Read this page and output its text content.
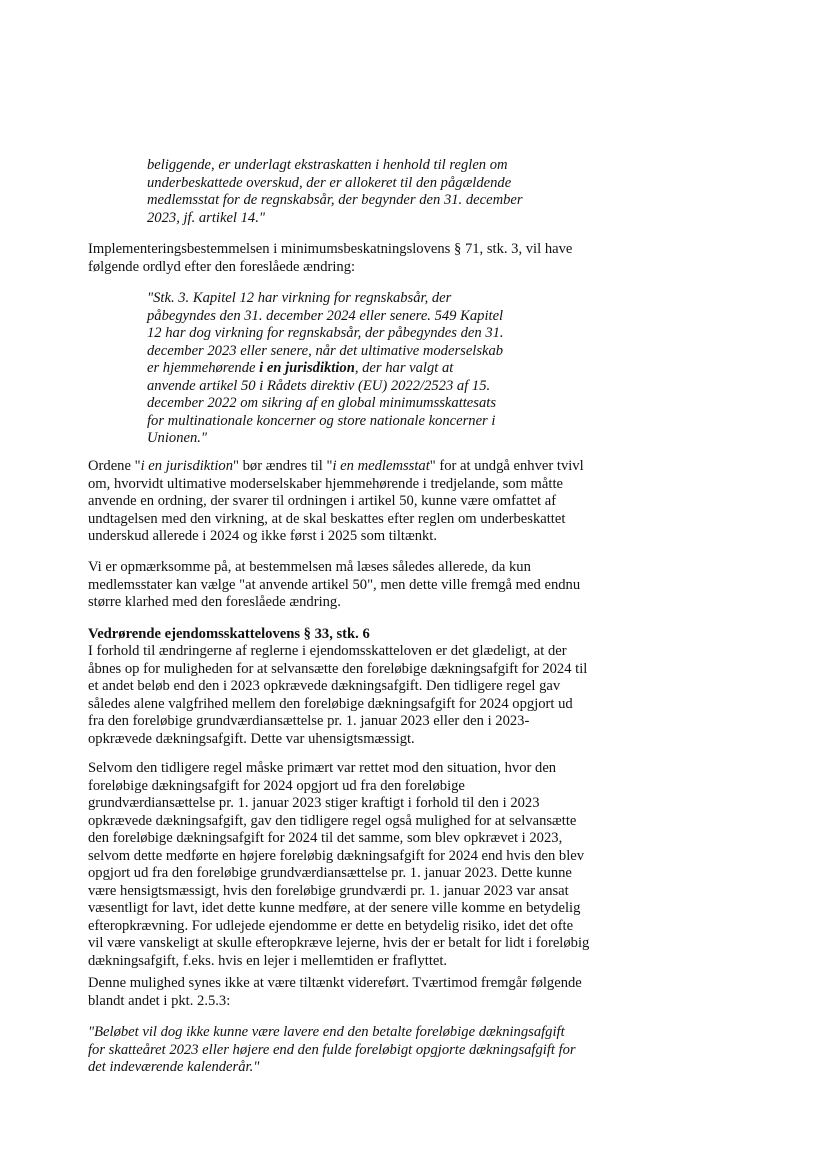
beliggende, er underlagt ekstraskatten i henhold til reglen om
underbeskattede overskud, der er allokeret til den pågældende
medlemsstat for de regnskabsår, der begynder den 31. december
2023, jf. artikel 14."
Implementeringsbestemmelsen i minimumsbeskatningslovens § 71, stk. 3, vil have
følgende ordlyd efter den foreslåede ændring:
"Stk. 3. Kapitel 12 har virkning for regnskabsår, der
påbegyndes den 31. december 2024 eller senere. 549 Kapitel
12 har dog virkning for regnskabsår, der påbegyndes den 31.
december 2023 eller senere, når det ultimative moderselskab
er hjemmehørende i en jurisdiktion, der har valgt at
anvende artikel 50 i Rådets direktiv (EU) 2022/2523 af 15.
december 2022 om sikring af en global minimumsskattesats
for multinationale koncerner og store nationale koncerner i
Unionen."
Ordene "i en jurisdiktion" bør ændres til "i en medlemsstat" for at undgå enhver tvivl
om, hvorvidt ultimative moderselskaber hjemmehørende i tredjelande, som måtte
anvende en ordning, der svarer til ordningen i artikel 50, kunne være omfattet af
undtagelsen med den virkning, at de skal beskattes efter reglen om underbeskattet
underskud allerede i 2024 og ikke først i 2025 som tiltænkt.
Vi er opmærksomme på, at bestemmelsen må læses således allerede, da kun
medlemsstater kan vælge "at anvende artikel 50", men dette ville fremgå med endnu
større klarhed med den foreslåede ændring.
Vedrørende ejendomsskattelovens § 33, stk. 6
I forhold til ændringerne af reglerne i ejendomsskatteloven er det glædeligt, at der
åbnes op for muligheden for at selvansætte den foreløbige dækningsafgift for 2024 til
et andet beløb end den i 2023 opkrævede dækningsafgift. Den tidligere regel gav
således alene valgfrihed mellem den foreløbige dækningsafgift for 2024 opgjort ud
fra den foreløbige grundværdiansættelse pr. 1. januar 2023 eller den i 2023-
opkrævede dækningsafgift. Dette var uhensigtsmæssigt.
Selvom den tidligere regel måske primært var rettet mod den situation, hvor den
foreløbige dækningsafgift for 2024 opgjort ud fra den foreløbige
grundværdiansættelse pr. 1. januar 2023 stiger kraftigt i forhold til den i 2023
opkrævede dækningsafgift, gav den tidligere regel også mulighed for at selvansætte
den foreløbige dækningsafgift for 2024 til det samme, som blev opkrævet i 2023,
selvom dette medførte en højere foreløbig dækningsafgift for 2024 end hvis den blev
opgjort ud fra den foreløbige grundværdiansættelse pr. 1. januar 2023. Dette kunne
være hensigtsmæssigt, hvis den foreløbige grundværdi pr. 1. januar 2023 var ansat
væsentligt for lavt, idet dette kunne medføre, at der senere ville komme en betydelig
efteropkrævning. For udlejede ejendomme er dette en betydelig risiko, idet det ofte
vil være vanskeligt at skulle efteropkræve lejerne, hvis der er betalt for lidt i foreløbig
dækningsafgift, f.eks. hvis en lejer i mellemtiden er fraflyttet.
Denne mulighed synes ikke at være tiltænkt videreført. Tværtimod fremgår følgende
blandt andet i pkt. 2.5.3:
"Beløbet vil dog ikke kunne være lavere end den betalte foreløbige dækningsafgift
for skatteåret 2023 eller højere end den fulde foreløbigt opgjorte dækningsafgift for
det indeværende kalenderår."
